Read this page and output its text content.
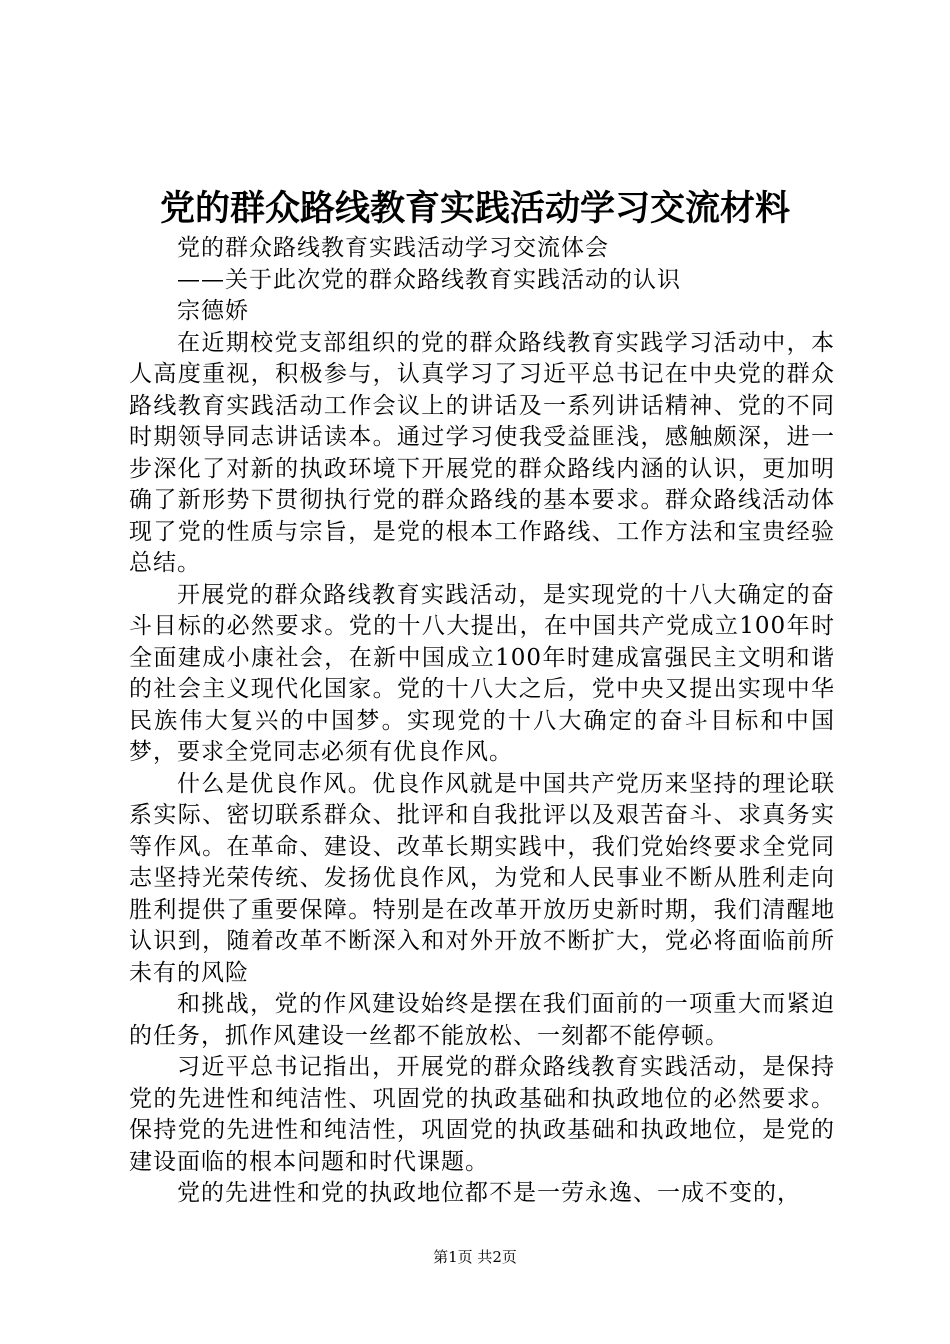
党的群众路线教育实践活动学习交流材料

党的群众路线教育实践活动学习交流体会

——关于此次党的群众路线教育实践活动的认识

宗德娇

在近期校党支部组织的党的群众路线教育实践学习活动中，本人高度重视，积极参与，认真学习了习近平总书记在中央党的群众路线教育实践活动工作会议上的讲话及一系列讲话精神、党的不同时期领导同志讲话读本。通过学习使我受益匪浅，感触颇深，进一步深化了对新的执政环境下开展党的群众路线内涵的认识，更加明确了新形势下贯彻执行党的群众路线的基本要求。群众路线活动体现了党的性质与宗旨，是党的根本工作路线、工作方法和宝贵经验总结。

开展党的群众路线教育实践活动，是实现党的十八大确定的奋斗目标的必然要求。党的十八大提出，在中国共产党成立100年时全面建成小康社会，在新中国成立100年时建成富强民主文明和谐的社会主义现代化国家。党的十八大之后，党中央又提出实现中华民族伟大复兴的中国梦。实现党的十八大确定的奋斗目标和中国梦，要求全党同志必须有优良作风。

什么是优良作风。优良作风就是中国共产党历来坚持的理论联系实际、密切联系群众、批评和自我批评以及艰苦奋斗、求真务实等作风。在革命、建设、改革长期实践中，我们党始终要求全党同志坚持光荣传统、发扬优良作风，为党和人民事业不断从胜利走向胜利提供了重要保障。特别是在改革开放历史新时期，我们清醒地认识到，随着改革不断深入和对外开放不断扩大，党必将面临前所未有的风险

和挑战，党的作风建设始终是摆在我们面前的一项重大而紧迫的任务，抓作风建设一丝都不能放松、一刻都不能停顿。

习近平总书记指出，开展党的群众路线教育实践活动，是保持党的先进性和纯洁性、巩固党的执政基础和执政地位的必然要求。保持党的先进性和纯洁性，巩固党的执政基础和执政地位，是党的建设面临的根本问题和时代课题。

党的先进性和党的执政地位都不是一劳永逸、一成不变的，

第1页 共2页
